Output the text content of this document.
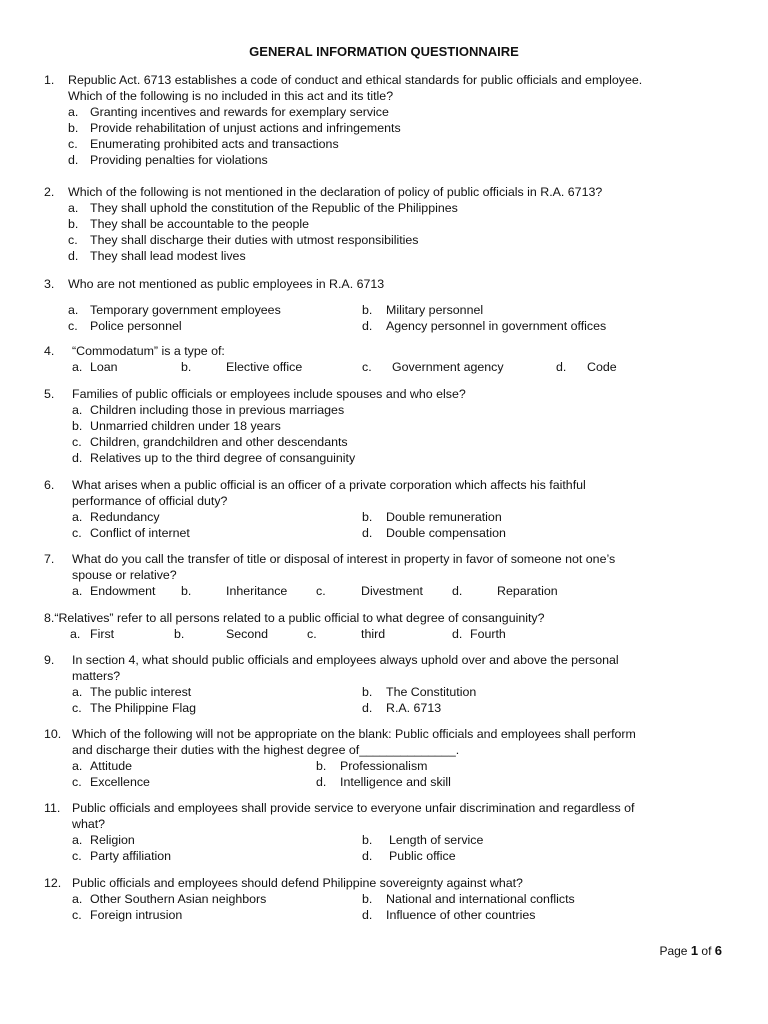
GENERAL INFORMATION QUESTIONNAIRE
1. Republic Act. 6713 establishes a code of conduct and ethical standards for public officials and employee. Which of the following is no included in this act and its title?
a. Granting incentives and rewards for exemplary service
b. Provide rehabilitation of unjust actions and infringements
c. Enumerating prohibited acts and transactions
d. Providing penalties for violations
2. Which of the following is not mentioned in the declaration of policy of public officials in R.A. 6713?
a. They shall uphold the constitution of the Republic of the Philippines
b. They shall be accountable to the people
c. They shall discharge their duties with utmost responsibilities
d. They shall lead modest lives
3. Who are not mentioned as public employees in R.A. 6713
a. Temporary government employees	b. Military personnel
c. Police personnel	d. Agency personnel in government offices
4. “Commodatum” is a type of:
a. Loan	b.	Elective office	c. Government agency	d. Code
5. Families of public officials or employees include spouses and who else?
a. Children including those in previous marriages
b. Unmarried children under 18 years
c. Children, grandchildren and other descendants
d. Relatives up to the third degree of consanguinity
6. What arises when a public official is an officer of a private corporation which affects his faithful performance of official duty?
a. Redundancy	b. Double remuneration
c. Conflict of internet	d. Double compensation
7. What do you call the transfer of title or disposal of interest in property in favor of someone not one’s spouse or relative?
a. Endowment b.	Inheritance c.	Divestment d.	Reparation
8.“Relatives” refer to all persons related to a public official to what degree of consanguinity?
a. First	b.	Second	c.	third	d. Fourth
9. In section 4, what should public officials and employees always uphold over and above the personal matters?
a. The public interest	b. The Constitution
c. The Philippine Flag	d. R.A. 6713
10. Which of the following will not be appropriate on the blank: Public officials and employees shall perform and discharge their duties with the highest degree of______________.
a. Attitude	b. Professionalism
c. Excellence	d. Intelligence and skill
11. Public officials and employees shall provide service to everyone unfair discrimination and regardless of what?
a. Religion	b. Length of service
c. Party affiliation	d. Public office
12. Public officials and employees should defend Philippine sovereignty against what?
a. Other Southern Asian neighbors	b. National and international conflicts
c. Foreign intrusion	d. Influence of other countries
Page 1 of 6
